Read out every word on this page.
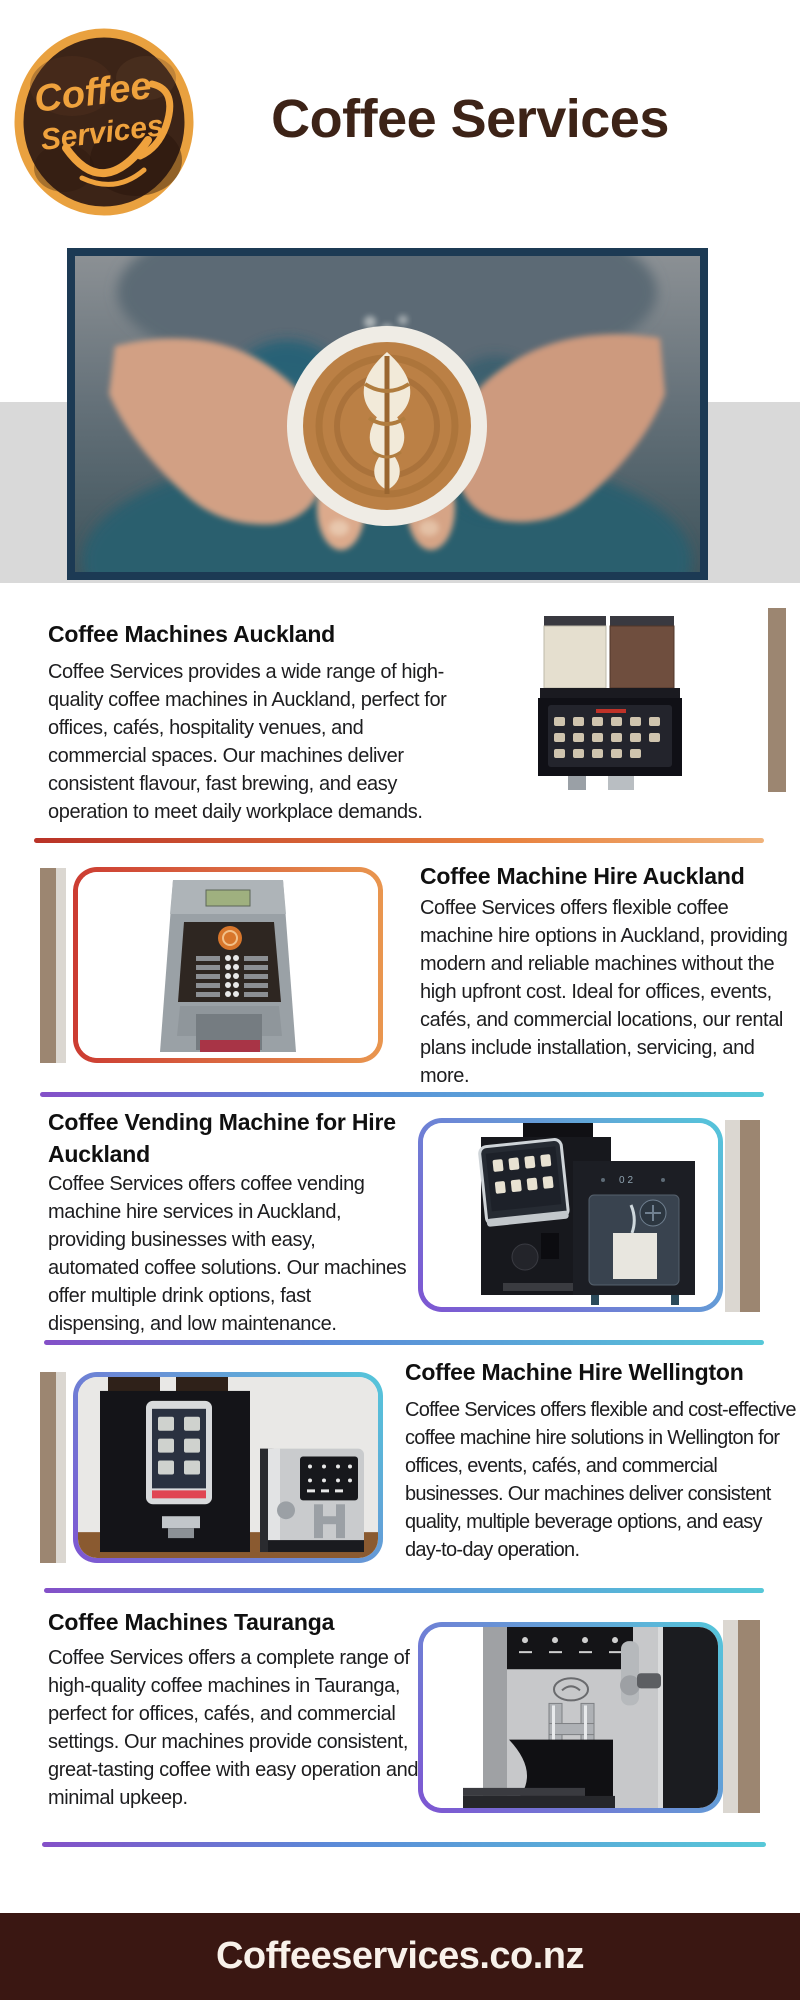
Coffee
Services	Coffee Services
Coffee Machines Auckland
Coffee Services provides a wide range of high-quality coffee machines in Auckland, perfect for offices, cafés, hospitality venues, and commercial spaces. Our machines deliver consistent flavour, fast brewing, and easy operation to meet daily workplace demands.
Coffee Machine Hire Auckland
Coffee Services offers flexible coffee machine hire options in Auckland, providing modern and reliable machines without the high upfront cost. Ideal for offices, events, cafés, and commercial locations, our rental plans include installation, servicing, and more.
Coffee Vending Machine for Hire Auckland
Coffee Services offers coffee vending machine hire services in Auckland, providing businesses with easy, automated coffee solutions. Our machines offer multiple drink options, fast dispensing, and low maintenance.
02
Coffee Machine Hire Wellington
Coffee Services offers flexible and cost-effective coffee machine hire solutions in Wellington for offices, events, cafés, and commercial businesses. Our machines deliver consistent quality, multiple beverage options, and easy day-to-day operation.
Coffee Machines Tauranga
Coffee Services offers a complete range of high-quality coffee machines in Tauranga, perfect for offices, cafés, and commercial settings. Our machines provide consistent, great-tasting coffee with easy operation and minimal upkeep.
Coffeeservices.co.nz
